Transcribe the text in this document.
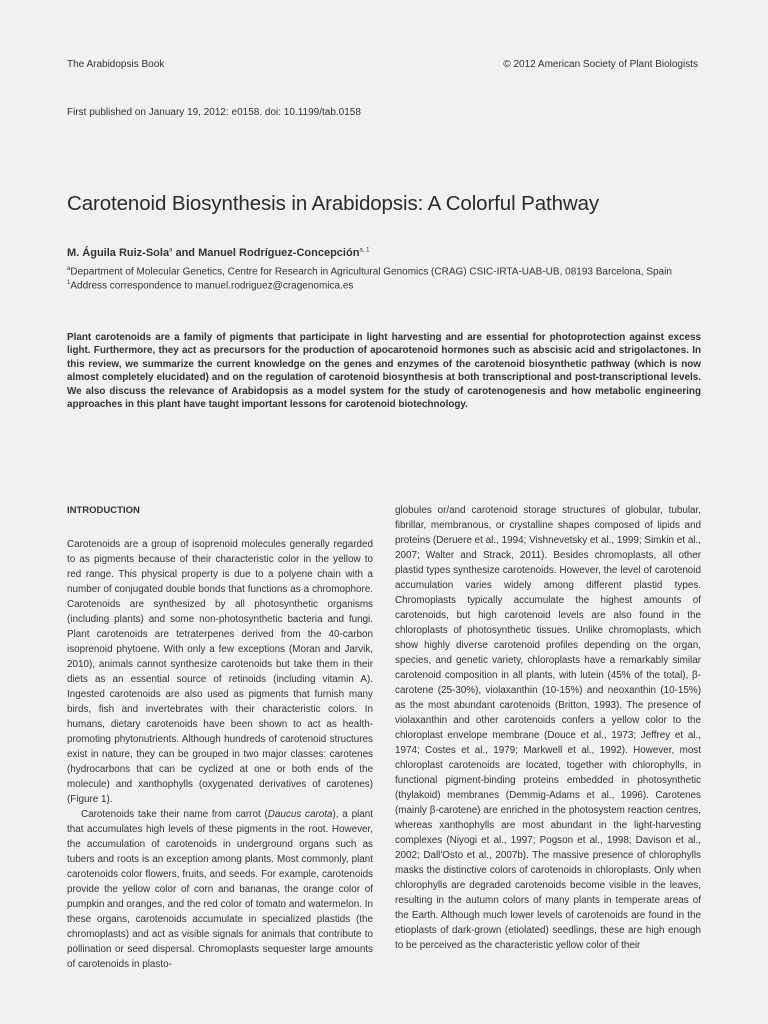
The Arabidopsis Book	© 2012 American Society of Plant Biologists
First published on January 19, 2012: e0158. doi: 10.1199/tab.0158
Carotenoid Biosynthesis in Arabidopsis: A Colorful Pathway
M. Águila Ruiz-Sola$^a$ and Manuel Rodríguez-Concepción$^{a, 1}$
$^a$Department of Molecular Genetics, Centre for Research in Agricultural Genomics (CRAG) CSIC-IRTA-UAB-UB, 08193 Barcelona, Spain
$^1$Address correspondence to manuel.rodriguez@cragenomica.es
Plant carotenoids are a family of pigments that participate in light harvesting and are essential for photoprotection against excess light. Furthermore, they act as precursors for the production of apocarotenoid hormones such as abscisic acid and strigolactones. In this review, we summarize the current knowledge on the genes and enzymes of the carotenoid biosynthetic pathway (which is now almost completely elucidated) and on the regulation of carotenoid biosynthesis at both transcriptional and post-transcriptional levels. We also discuss the relevance of Arabidopsis as a model system for the study of carotenogenesis and how metabolic engineering approaches in this plant have taught important lessons for carotenoid biotechnology.
INTRODUCTION

Carotenoids are a group of isoprenoid molecules generally regarded to as pigments because of their characteristic color in the yellow to red range. This physical property is due to a polyene chain with a number of conjugated double bonds that functions as a chromophore. Carotenoids are synthesized by all photosynthetic organisms (including plants) and some non-photosynthetic bacteria and fungi. Plant carotenoids are tetraterpenes derived from the 40-carbon isoprenoid phytoene. With only a few exceptions (Moran and Jarvik, 2010), animals cannot synthesize carotenoids but take them in their diets as an essential source of retinoids (including vitamin A). Ingested carotenoids are also used as pigments that furnish many birds, fish and invertebrates with their characteristic colors. In humans, dietary carotenoids have been shown to act as health-promoting phytonutrients. Although hundreds of carotenoid structures exist in nature, they can be grouped in two major classes: carotenes (hydrocarbons that can be cyclized at one or both ends of the molecule) and xanthophylls (oxygenated derivatives of carotenes) (Figure 1).

Carotenoids take their name from carrot (Daucus carota), a plant that accumulates high levels of these pigments in the root. However, the accumulation of carotenoids in underground organs such as tubers and roots is an exception among plants. Most commonly, plant carotenoids color flowers, fruits, and seeds. For example, carotenoids provide the yellow color of corn and bananas, the orange color of pumpkin and oranges, and the red color of tomato and watermelon. In these organs, carotenoids accumulate in specialized plastids (the chromoplasts) and act as visible signals for animals that contribute to pollination or seed dispersal. Chromoplasts sequester large amounts of carotenoids in plasto-

globules or/and carotenoid storage structures of globular, tubular, fibrillar, membranous, or crystalline shapes composed of lipids and proteins (Deruere et al., 1994; Vishnevetsky et al., 1999; Simkin et al., 2007; Walter and Strack, 2011). Besides chromoplasts, all other plastid types synthesize carotenoids. However, the level of carotenoid accumulation varies widely among different plastid types. Chromoplasts typically accumulate the highest amounts of carotenoids, but high carotenoid levels are also found in the chloroplasts of photosynthetic tissues. Unlike chromoplasts, which show highly diverse carotenoid profiles depending on the organ, species, and genetic variety, chloroplasts have a remarkably similar carotenoid composition in all plants, with lutein (45% of the total), β-carotene (25-30%), violaxanthin (10-15%) and neoxanthin (10-15%) as the most abundant carotenoids (Britton, 1993). The presence of violaxanthin and other carotenoids confers a yellow color to the chloroplast envelope membrane (Douce et al., 1973; Jeffrey et al., 1974; Costes et al., 1979; Markwell et al., 1992). However, most chloroplast carotenoids are located, together with chlorophylls, in functional pigment-binding proteins embedded in photosynthetic (thylakoid) membranes (Demmig-Adams et al., 1996). Carotenes (mainly β-carotene) are enriched in the photosystem reaction centres, whereas xanthophylls are most abundant in the light-harvesting complexes (Niyogi et al., 1997; Pogson et al., 1998; Davison et al., 2002; Dall'Osto et al., 2007b). The massive presence of chlorophylls masks the distinctive colors of carotenoids in chloroplasts. Only when chlorophylls are degraded carotenoids become visible in the leaves, resulting in the autumn colors of many plants in temperate areas of the Earth. Although much lower levels of carotenoids are found in the etioplasts of dark-grown (etiolated) seedlings, these are high enough to be perceived as the characteristic yellow color of their
